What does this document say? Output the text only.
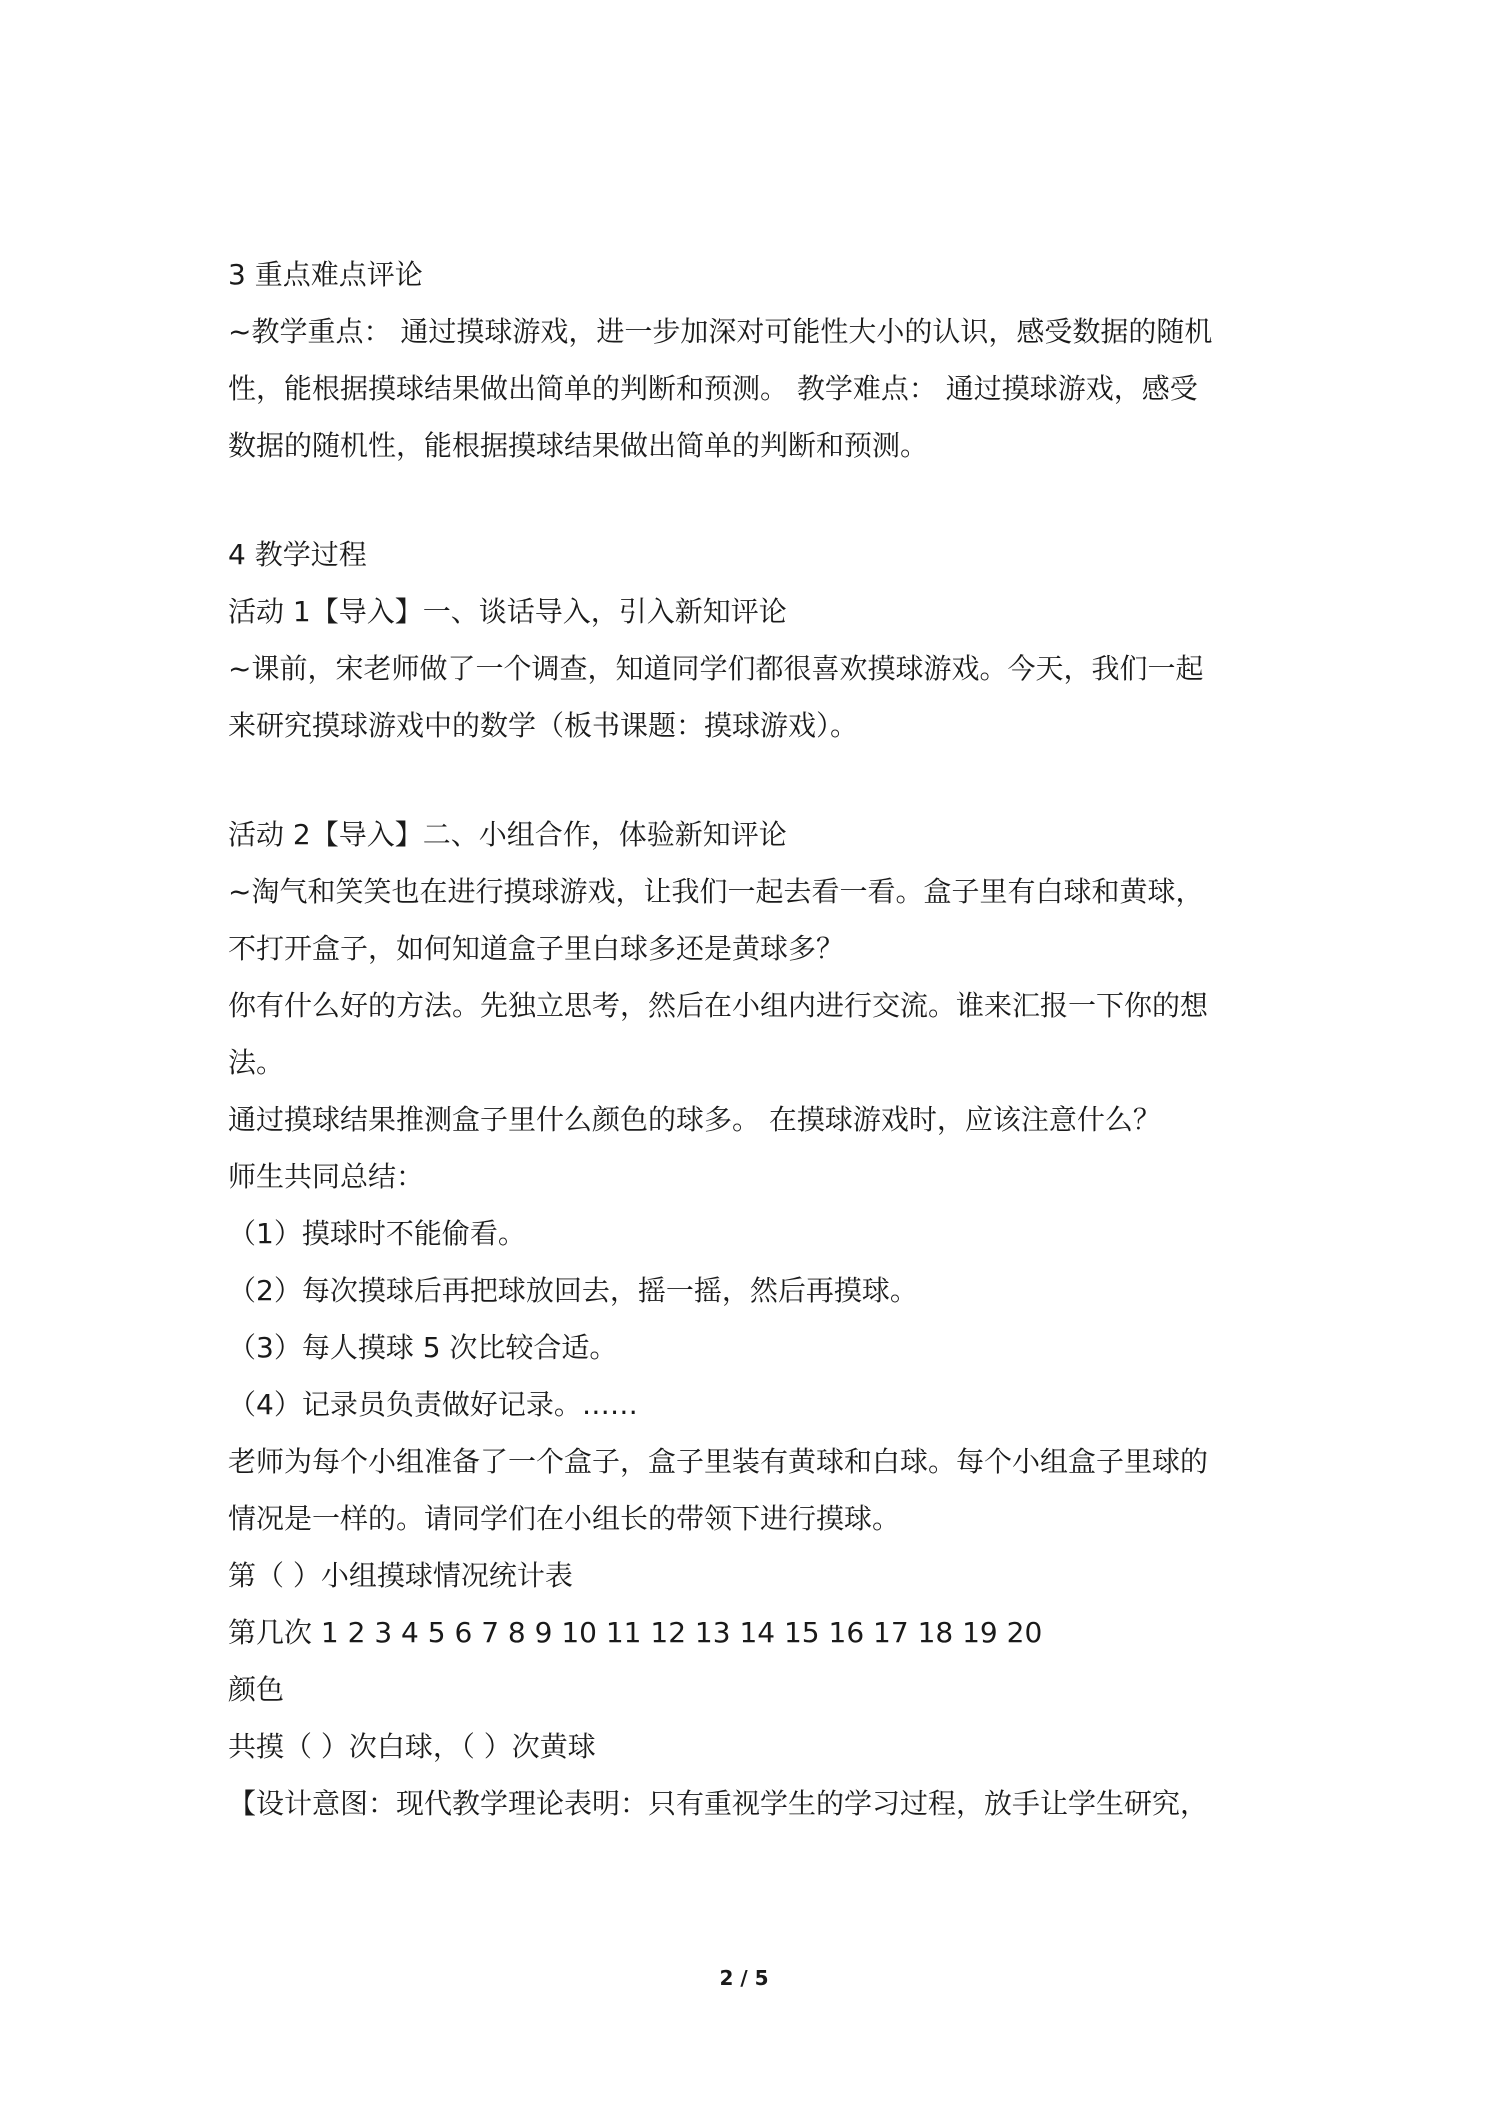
3 重点难点评论
~教学重点： 通过摸球游戏，进一步加深对可能性大小的认识，感受数据的随机
性，能根据摸球结果做出简单的判断和预测。 教学难点： 通过摸球游戏，感受
数据的随机性，能根据摸球结果做出简单的判断和预测。
4 教学过程
活动 1【导入】一、谈话导入，引入新知评论
~课前，宋老师做了一个调查，知道同学们都很喜欢摸球游戏。今天，我们一起
来研究摸球游戏中的数学（板书课题：摸球游戏）。
活动 2【导入】二、小组合作，体验新知评论
~淘气和笑笑也在进行摸球游戏，让我们一起去看一看。盒子里有白球和黄球，
不打开盒子，如何知道盒子里白球多还是黄球多？
你有什么好的方法。先独立思考，然后在小组内进行交流。谁来汇报一下你的想
法。
通过摸球结果推测盒子里什么颜色的球多。 在摸球游戏时，应该注意什么？
师生共同总结：
（1）摸球时不能偷看。
（2）每次摸球后再把球放回去，摇一摇，然后再摸球。
（3）每人摸球 5 次比较合适。
（4）记录员负责做好记录。……
老师为每个小组准备了一个盒子，盒子里装有黄球和白球。每个小组盒子里球的
情况是一样的。请同学们在小组长的带领下进行摸球。
第（ ）小组摸球情况统计表
第几次 1 2 3 4 5 6 7 8 9 10 11 12 13 14 15 16 17 18 19 20
颜色
共摸（ ）次白球，（ ）次黄球
【设计意图：现代教学理论表明：只有重视学生的学习过程，放手让学生研究，
2 / 5
